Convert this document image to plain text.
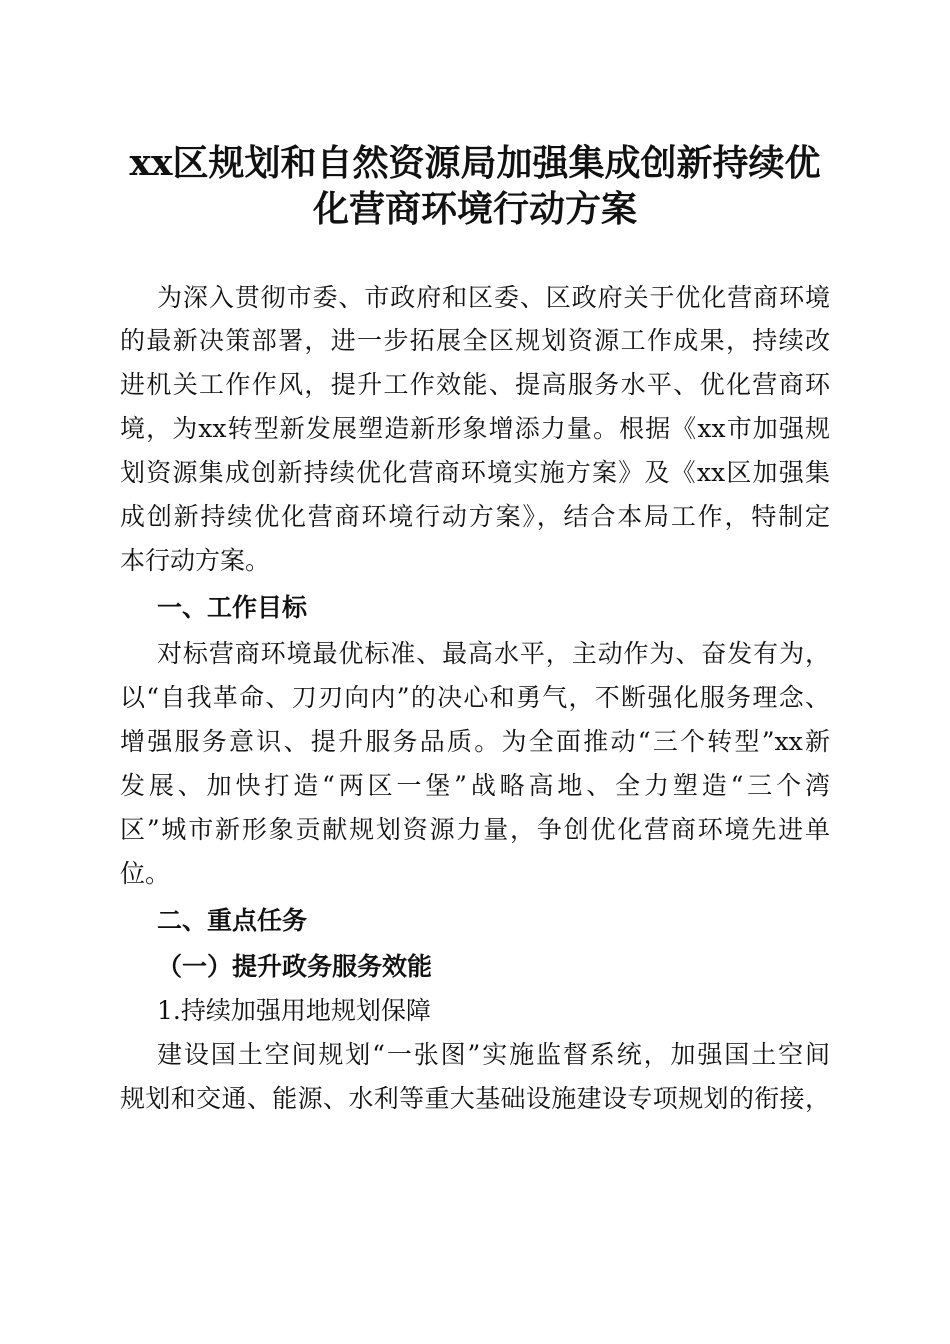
xx区规划和自然资源局加强集成创新持续优
化营商环境行动方案

为深入贯彻市委、市政府和区委、区政府关于优化营商环境

的最新决策部署，进一步拓展全区规划资源工作成果，持续改

进机关工作作风，提升工作效能、提高服务水平、优化营商环

境，为xx转型新发展塑造新形象增添力量。根据《xx市加强规

划资源集成创新持续优化营商环境实施方案》及《xx区加强集

成创新持续优化营商环境行动方案》，结合本局工作，特制定

本行动方案。

一、工作目标

对标营商环境最优标准、最高水平，主动作为、奋发有为，

以“自我革命、刀刃向内”的决心和勇气，不断强化服务理念、

增强服务意识、提升服务品质。为全面推动“三个转型”xx新

发展、加快打造“两区一堡”战略高地、全力塑造“三个湾

区”城市新形象贡献规划资源力量，争创优化营商环境先进单

位。

二、重点任务
（一）提升政务服务效能

1.持续加强用地规划保障

建设国土空间规划“一张图”实施监督系统，加强国土空间

规划和交通、能源、水利等重大基础设施建设专项规划的衔接，
